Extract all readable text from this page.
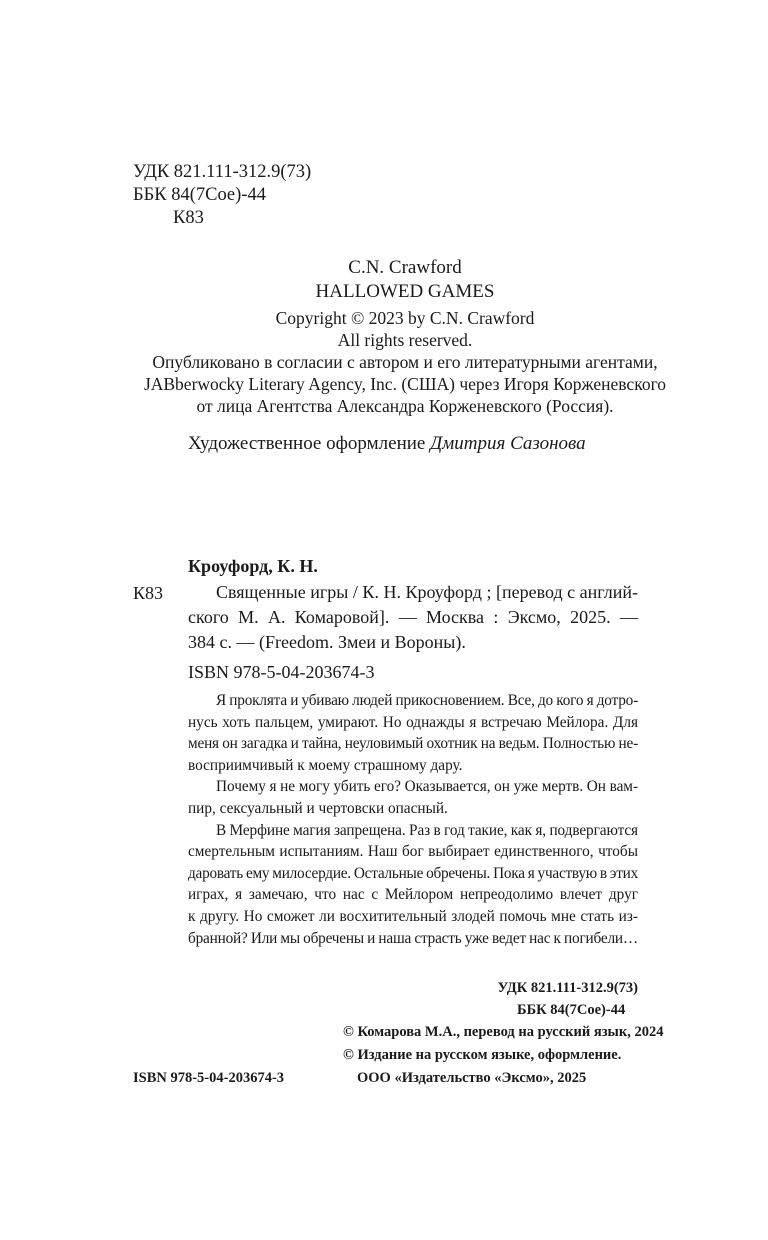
УДК 821.111-312.9(73)
ББК 84(7Сое)-44
К83
C.N. Crawford
HALLOWED GAMES
Copyright © 2023 by C.N. Crawford
All rights reserved.
Опубликовано в согласии с автором и его литературными агентами,
JABberwocky Literary Agency, Inc. (США) через Игоря Корженевского
от лица Агентства Александра Корженевского (Россия).
Художественное оформление Дмитрия Сазонова
Кроуфорд, К. Н.
К83	Священные игры / К. Н. Кроуфорд ; [перевод с англий-
ского М. А. Комаровой]. — Москва : Эксмо, 2025. —
384 с. — (Freedom. Змеи и Вороны).
ISBN 978-5-04-203674-3
Я проклята и убиваю людей прикосновением. Все, до кого я дотро-
нусь хоть пальцем, умирают. Но однажды я встречаю Мейлора. Для
меня он загадка и тайна, неуловимый охотник на ведьм. Полностью не-
восприимчивый к моему страшному дару.
Почему я не могу убить его? Оказывается, он уже мертв. Он вам-
пир, сексуальный и чертовски опасный.
В Мерфине магия запрещена. Раз в год такие, как я, подвергаются
смертельным испытаниям. Наш бог выбирает единственного, чтобы
даровать ему милосердие. Остальные обречены. Пока я участвую в этих
играх, я замечаю, что нас с Мейлором непреодолимо влечет друг
к другу. Но сможет ли восхитительный злодей помочь мне стать из-
бранной? Или мы обречены и наша страсть уже ведет нас к погибели…
УДК 821.111-312.9(73)
ББК 84(7Сое)-44
© Комарова М.А., перевод на русский язык, 2024
© Издание на русском языке, оформление.
ООО «Издательство «Эксмо», 2025
ISBN 978-5-04-203674-3
